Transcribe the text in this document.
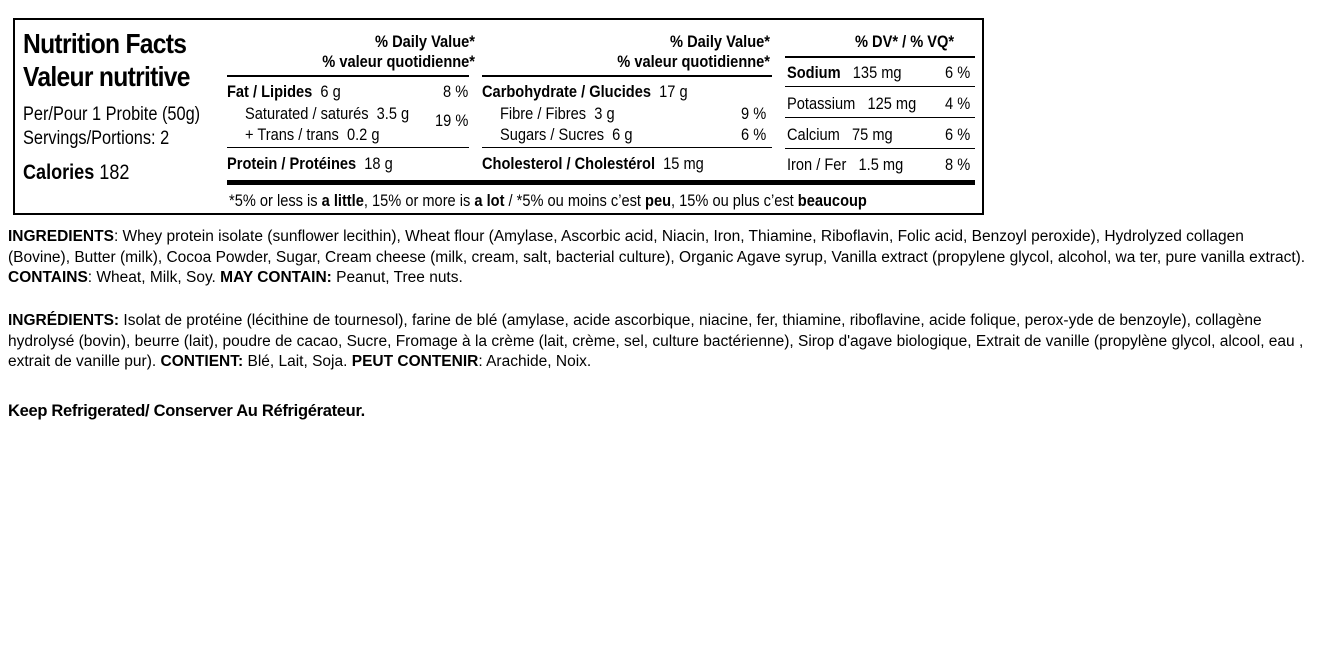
Nutrition Facts
Valeur nutritive
Per/Pour 1 Probite (50g)
Servings/Portions: 2
Calories 182
% Daily Value*
% valeur quotidienne*
Fat / Lipides 6 g	8 %
Saturated / saturés 3.5 g 19 %
+ Trans / trans 0.2 g
Protein / Protéines 18 g
% Daily Value*
% valeur quotidienne*
Carbohydrate / Glucides 17 g
Fibre / Fibres 3 g	9 %
Sugars / Sucres 6 g	6 %
Cholesterol / Cholestérol 15 mg
% DV* / % VQ*
Sodium 135 mg	6 %
Potassium 125 mg 4 %
Calcium 75 mg	6 %
Iron / Fer 1.5 mg 8 %
*5% or less is a little, 15% or more is a lot / *5% ou moins c’est peu, 15% ou plus c’est beaucoup
INGREDIENTS: Whey protein isolate (sunflower lecithin), Wheat flour (Amylase, Ascorbic acid, Niacin, Iron, Thiamine, Riboflavin, Folic acid, Benzoyl peroxide), Hydrolyzed collagen (Bovine), Butter (milk), Cocoa Powder, Sugar, Cream cheese (milk, cream, salt, bacterial culture), Organic Agave syrup, Vanilla extract (propylene glycol, alcohol, wa ter, pure vanilla extract). CONTAINS: Wheat, Milk, Soy. MAY CONTAIN: Peanut, Tree nuts.
INGRÉDIENTS: Isolat de protéine (lécithine de tournesol), farine de blé (amylase, acide ascorbique, niacine, fer, thiamine, riboflavine, acide folique, perox-yde de benzoyle), collagène hydrolysé (bovin), beurre (lait), poudre de cacao, Sucre, Fromage à la crème (lait, crème, sel, culture bactérienne), Sirop d'agave biologique, Extrait de vanille (propylène glycol, alcool, eau , extrait de vanille pur). CONTIENT: Blé, Lait, Soja. PEUT CONTENIR: Arachide, Noix.
Keep Refrigerated/ Conserver Au Réfrigérateur.
